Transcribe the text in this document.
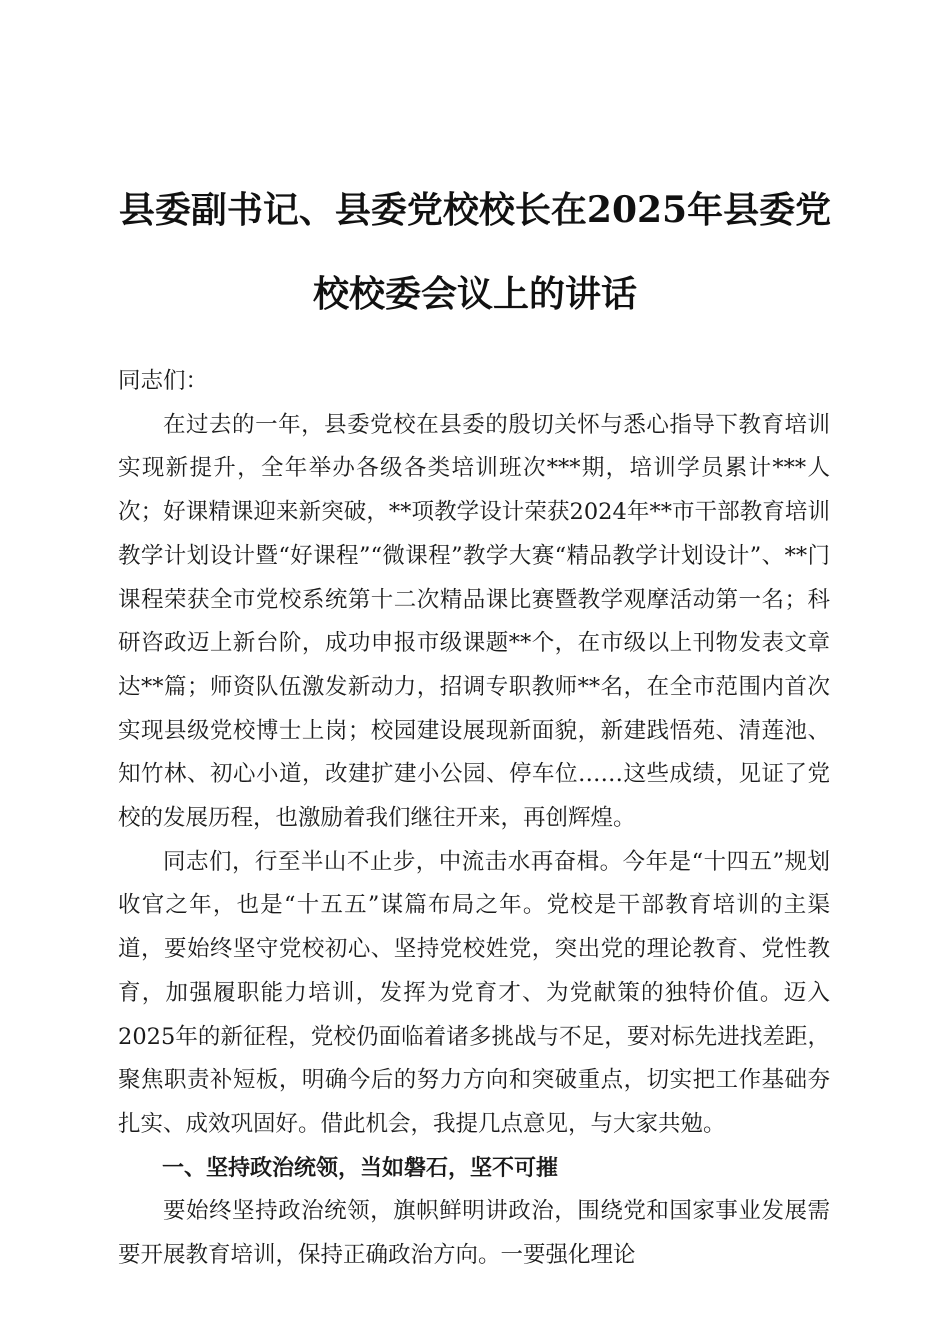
县委副书记、县委党校校长在2025年县委党
校校委会议上的讲话

同志们：

在过去的一年，县委党校在县委的殷切关怀与悉心指导下教育培训实现新提升，全年举办各级各类培训班次***期，培训学员累计***人次；好课精课迎来新突破，**项教学设计荣获2024年**市干部教育培训教学计划设计暨“好课程”“微课程”教学大赛“精品教学计划设计”、**门课程荣获全市党校系统第十二次精品课比赛暨教学观摩活动第一名；科研咨政迈上新台阶，成功申报市级课题**个，在市级以上刊物发表文章达**篇；师资队伍激发新动力，招调专职教师**名，在全市范围内首次实现县级党校博士上岗；校园建设展现新面貌，新建践悟苑、清莲池、知竹林、初心小道，改建扩建小公园、停车位……这些成绩，见证了党校的发展历程，也激励着我们继往开来，再创辉煌。

同志们，行至半山不止步，中流击水再奋楫。今年是“十四五”规划收官之年，也是“十五五”谋篇布局之年。党校是干部教育培训的主渠道，要始终坚守党校初心、坚持党校姓党，突出党的理论教育、党性教育，加强履职能力培训，发挥为党育才、为党献策的独特价值。迈入2025年的新征程，党校仍面临着诸多挑战与不足，要对标先进找差距，聚焦职责补短板，明确今后的努力方向和突破重点，切实把工作基础夯扎实、成效巩固好。借此机会，我提几点意见，与大家共勉。

一、坚持政治统领，当如磐石，坚不可摧

要始终坚持政治统领，旗帜鲜明讲政治，围绕党和国家事业发展需要开展教育培训，保持正确政治方向。一要强化理论
